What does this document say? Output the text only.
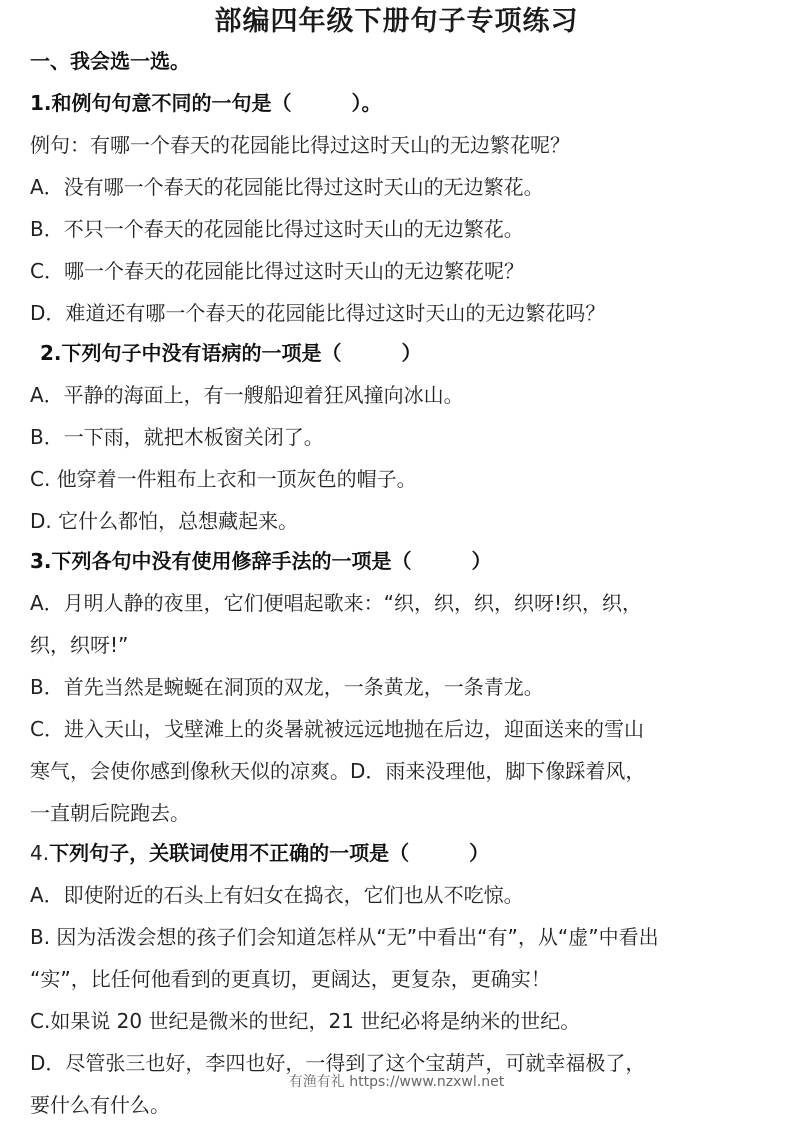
部编四年级下册句子专项练习
一、我会选一选。
1.和例句句意不同的一句是（　　　）。
例句：有哪一个春天的花园能比得过这时天山的无边繁花呢？
A．没有哪一个春天的花园能比得过这时天山的无边繁花。
B．不只一个春天的花园能比得过这时天山的无边繁花。
C．哪一个春天的花园能比得过这时天山的无边繁花呢？
D．难道还有哪一个春天的花园能比得过这时天山的无边繁花吗？
2.下列句子中没有语病的一项是（　　　）
A．平静的海面上，有一艘船迎着狂风撞向冰山。
B．一下雨，就把木板窗关闭了。
C. 他穿着一件粗布上衣和一顶灰色的帽子。
D. 它什么都怕，总想藏起来。
3.下列各句中没有使用修辞手法的一项是（　　　）
A．月明人静的夜里，它们便唱起歌来：“织，织，织，织呀!织，织，
织，织呀!”
B．首先当然是蜿蜒在洞顶的双龙，一条黄龙，一条青龙。
C．进入天山，戈壁滩上的炎暑就被远远地抛在后边，迎面送来的雪山
寒气，会使你感到像秋天似的凉爽。D．雨来没理他，脚下像踩着风，
一直朝后院跑去。
4.下列句子，关联词使用不正确的一项是（　　　）
A．即使附近的石头上有妇女在捣衣，它们也从不吃惊。
B. 因为活泼会想的孩子们会知道怎样从“无”中看出“有”，从“虚”中看出
“实”，比任何他看到的更真切，更阔达，更复杂，更确实！
C.如果说 20 世纪是微米的世纪，21 世纪必将是纳米的世纪。
D．尽管张三也好，李四也好，一得到了这个宝葫芦，可就幸福极了，
要什么有什么。
有渔有礼 https://www.nzxwl.net
